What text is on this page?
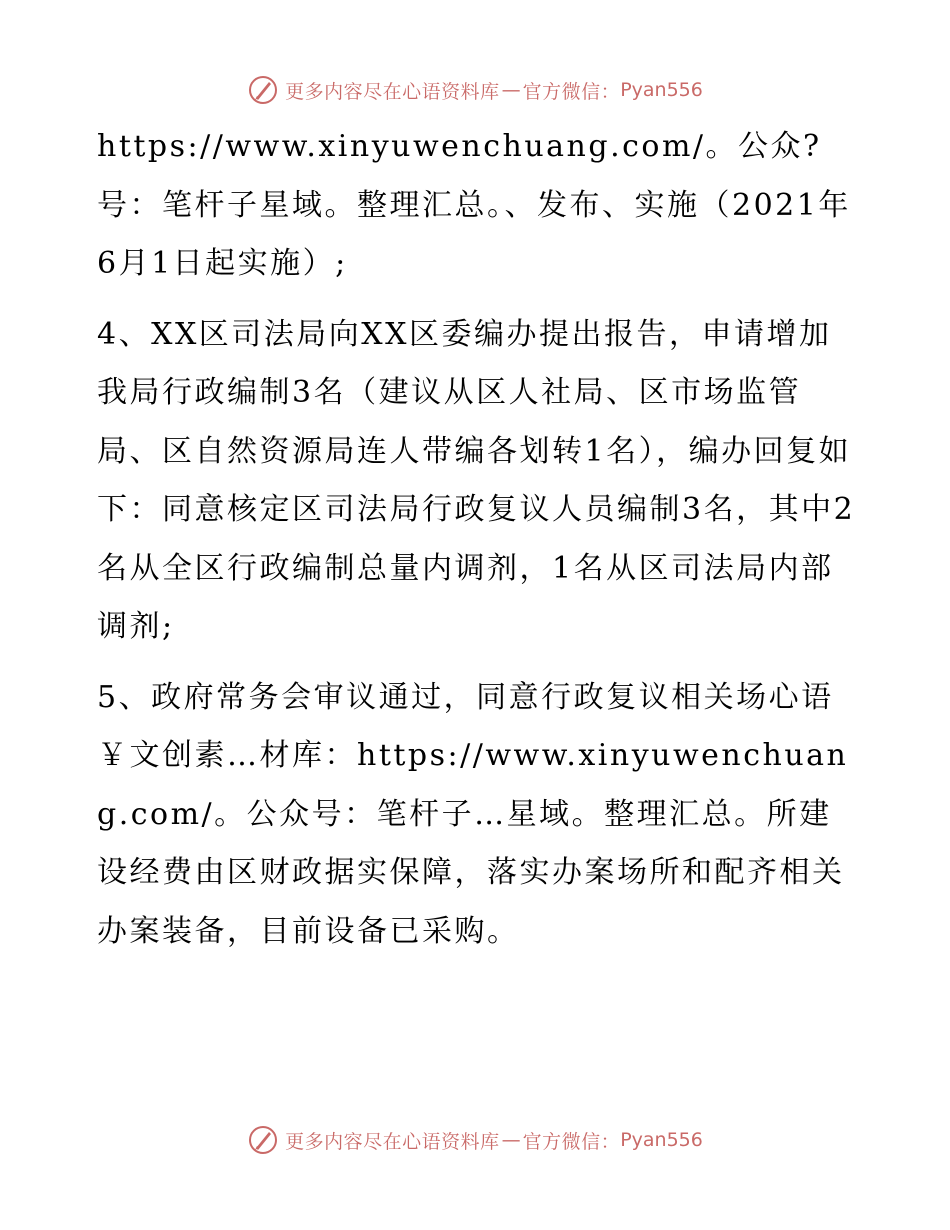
更多内容尽在心语资料库 — 官方微信： Pyan556

https://www.xinyuwenchuang.com/。公众?号：笔杆子星域。整理汇总。、发布、实施（2021年6月1日起实施）;

4、XX区司法局向XX区委编办提出报告，申请增加我局行政编制3名（建议从区人社局、区市场监管局、区自然资源局连人带编各划转1名），编办回复如下：同意核定区司法局行政复议人员编制3名，其中2名从全区行政编制总量内调剂，1名从区司法局内部调剂;

5、政府常务会审议通过，同意行政复议相关场心语￥文创素…材库：https://www.xinyuwenchuang.com/。公众号：笔杆子…星域。整理汇总。所建设经费由区财政据实保障，落实办案场所和配齐相关办案装备，目前设备已采购。

更多内容尽在心语资料库 — 官方微信： Pyan556
